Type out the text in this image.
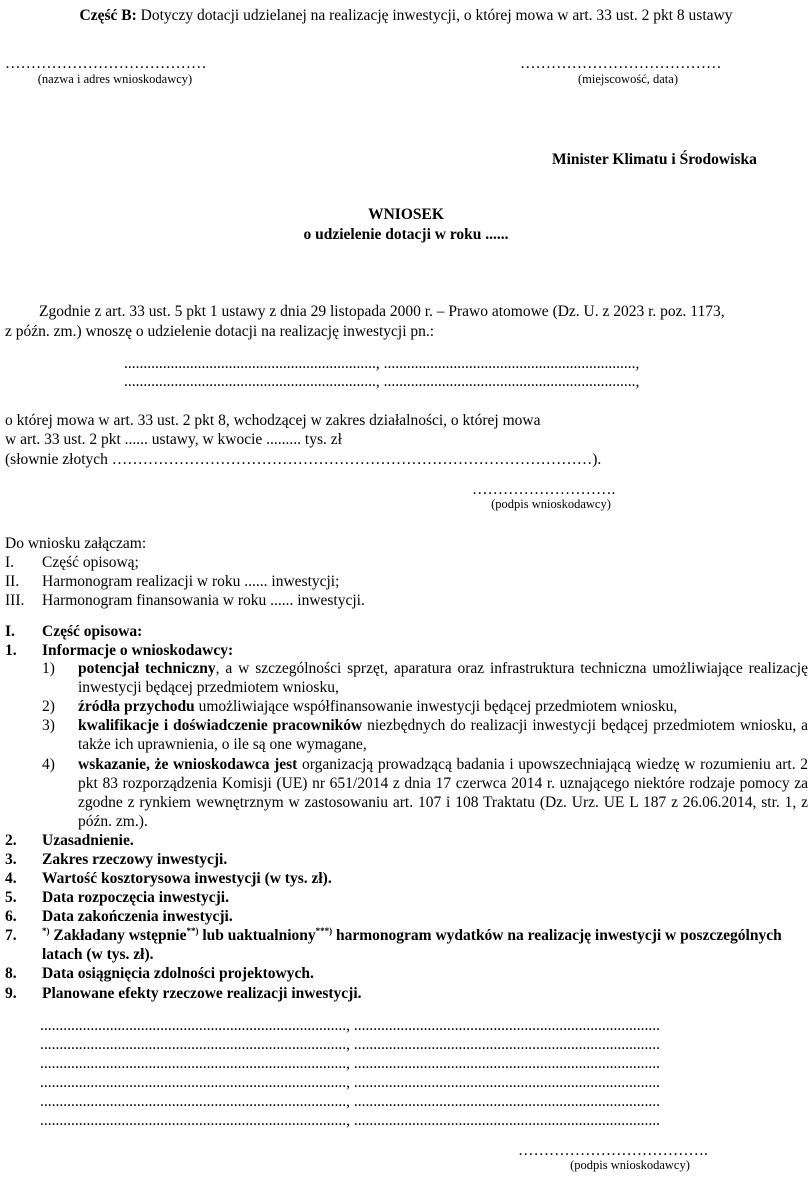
Część B: Dotyczy dotacji udzielanej na realizację inwestycji, o której mowa w art. 33 ust. 2 pkt 8 ustawy
…………………………………
(nazwa i adres wnioskodawcy)
…………………………………
(miejscowość, data)
Minister Klimatu i Środowiska
WNIOSEK
o udzielenie dotacji w roku ......
Zgodnie z art. 33 ust. 5 pkt 1 ustawy z dnia 29 listopada 2000 r. – Prawo atomowe (Dz. U. z 2023 r. poz. 1173,
z późn. zm.) wnoszę o udzielenie dotacji na realizację inwestycji pn.:
................................................................., .................................................................,
................................................................., .................................................................,
o której mowa w art. 33 ust. 2 pkt 8, wchodzącej w zakres działalności, o której mowa
w art. 33 ust. 2 pkt ...... ustawy, w kwocie ......... tys. zł
(słownie złotych …………………………………………………………………………………).
……………………….
(podpis wnioskodawcy)
Do wniosku załączam:
I. Część opisową;
II. Harmonogram realizacji w roku ...... inwestycji;
III. Harmonogram finansowania w roku ...... inwestycji.
I. Część opisowa:
1. Informacje o wnioskodawcy:
1) potencjał techniczny, a w szczególności sprzęt, aparatura oraz infrastruktura techniczna umożliwiające realizację inwestycji będącej przedmiotem wniosku,
2) źródła przychodu umożliwiające współfinansowanie inwestycji będącej przedmiotem wniosku,
3) kwalifikacje i doświadczenie pracowników niezbędnych do realizacji inwestycji będącej przedmiotem wniosku, a także ich uprawnienia, o ile są one wymagane,
4) wskazanie, że wnioskodawca jest organizacją prowadzącą badania i upowszechniającą wiedzę w rozumieniu art. 2 pkt 83 rozporządzenia Komisji (UE) nr 651/2014 z dnia 17 czerwca 2014 r. uznającego niektóre rodzaje pomocy za zgodne z rynkiem wewnętrznym w zastosowaniu art. 107 i 108 Traktatu (Dz. Urz. UE L 187 z 26.06.2014, str. 1, z późn. zm.).
2. Uzasadnienie.
3. Zakres rzeczowy inwestycji.
4. Wartość kosztorysowa inwestycji (w tys. zł).
5. Data rozpoczęcia inwestycji.
6. Data zakończenia inwestycji.
7.	*) Zakładany wstępnie**) lub uaktualniony***) harmonogram wydatków na realizację inwestycji w poszczególnych
latach (w tys. zł).
8. Data osiągnięcia zdolności projektowych.
9. Planowane efekty rzeczowe realizacji inwestycji.
..............................................................................., ...............................................................................
..............................................................................., ...............................................................................
..............................................................................., ...............................................................................
..............................................................................., ...............................................................................
..............................................................................., ...............................................................................
..............................................................................., ...............................................................................
……………………………….
(podpis wnioskodawcy)
